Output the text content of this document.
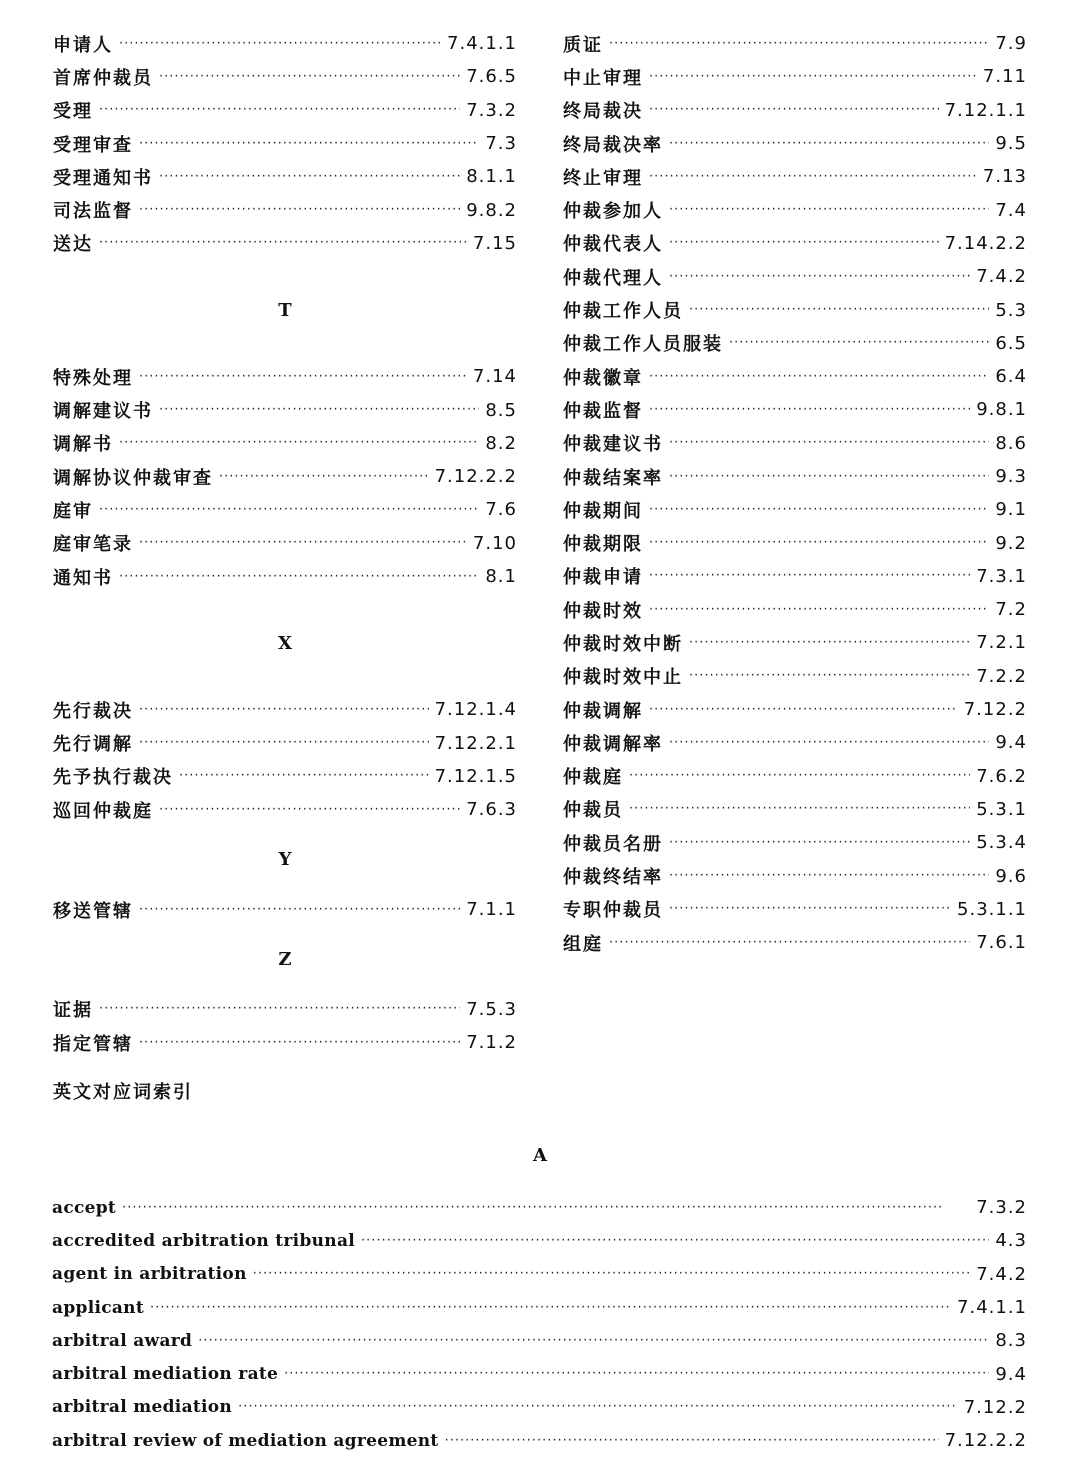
申请人 ·····	7.4.1.1
首席仲裁员 ·····	7.6.5
受理 ·····	7.3.2
受理审查 ·····	7.3
受理通知书 ·····	8.1.1
司法监督 ·····	9.8.2
送达 ·····	7.15
T
特殊处理 ·····	7.14
调解建议书 ·····	8.5
调解书 ·····	8.2
调解协议仲裁审查 ·····	7.12.2.2
庭审 ·····	7.6
庭审笔录 ·····	7.10
通知书 ·····	8.1
X
先行裁决 ·····	7.12.1.4
先行调解 ·····	7.12.2.1
先予执行裁决 ·····	7.12.1.5
巡回仲裁庭 ·····	7.6.3
Y
移送管辖 ·····	7.1.1
Z
证据 ·····	7.5.3
指定管辖 ·····	7.1.2
质证 ·····	7.9
中止审理 ·····	7.11
终局裁决 ·····	7.12.1.1
终局裁决率 ·····	9.5
终止审理 ·····	7.13
仲裁参加人 ·····	7.4
仲裁代表人 ·····	7.14.2.2
仲裁代理人 ·····	7.4.2
仲裁工作人员 ·····	5.3
仲裁工作人员服装 ·····	6.5
仲裁徽章 ·····	6.4
仲裁监督 ·····	9.8.1
仲裁建议书 ·····	8.6
仲裁结案率 ·····	9.3
仲裁期间 ·····	9.1
仲裁期限 ·····	9.2
仲裁申请 ·····	7.3.1
仲裁时效 ·····	7.2
仲裁时效中断 ·····	7.2.1
仲裁时效中止 ·····	7.2.2
仲裁调解 ·····	7.12.2
仲裁调解率 ·····	9.4
仲裁庭 ·····	7.6.2
仲裁员 ·····	5.3.1
仲裁员名册 ·····	5.3.4
仲裁终结率 ·····	9.6
专职仲裁员 ·····	5.3.1.1
组庭 ·····	7.6.1
英文对应词索引
A
accept ·····	7.3.2
accredited arbitration tribunal ·····	4.3
agent in arbitration ·····	7.4.2
applicant ·····	7.4.1.1
arbitral award ·····	8.3
arbitral mediation rate ·····	9.4
arbitral mediation ·····	7.12.2
arbitral review of mediation agreement ·····	7.12.2.2
